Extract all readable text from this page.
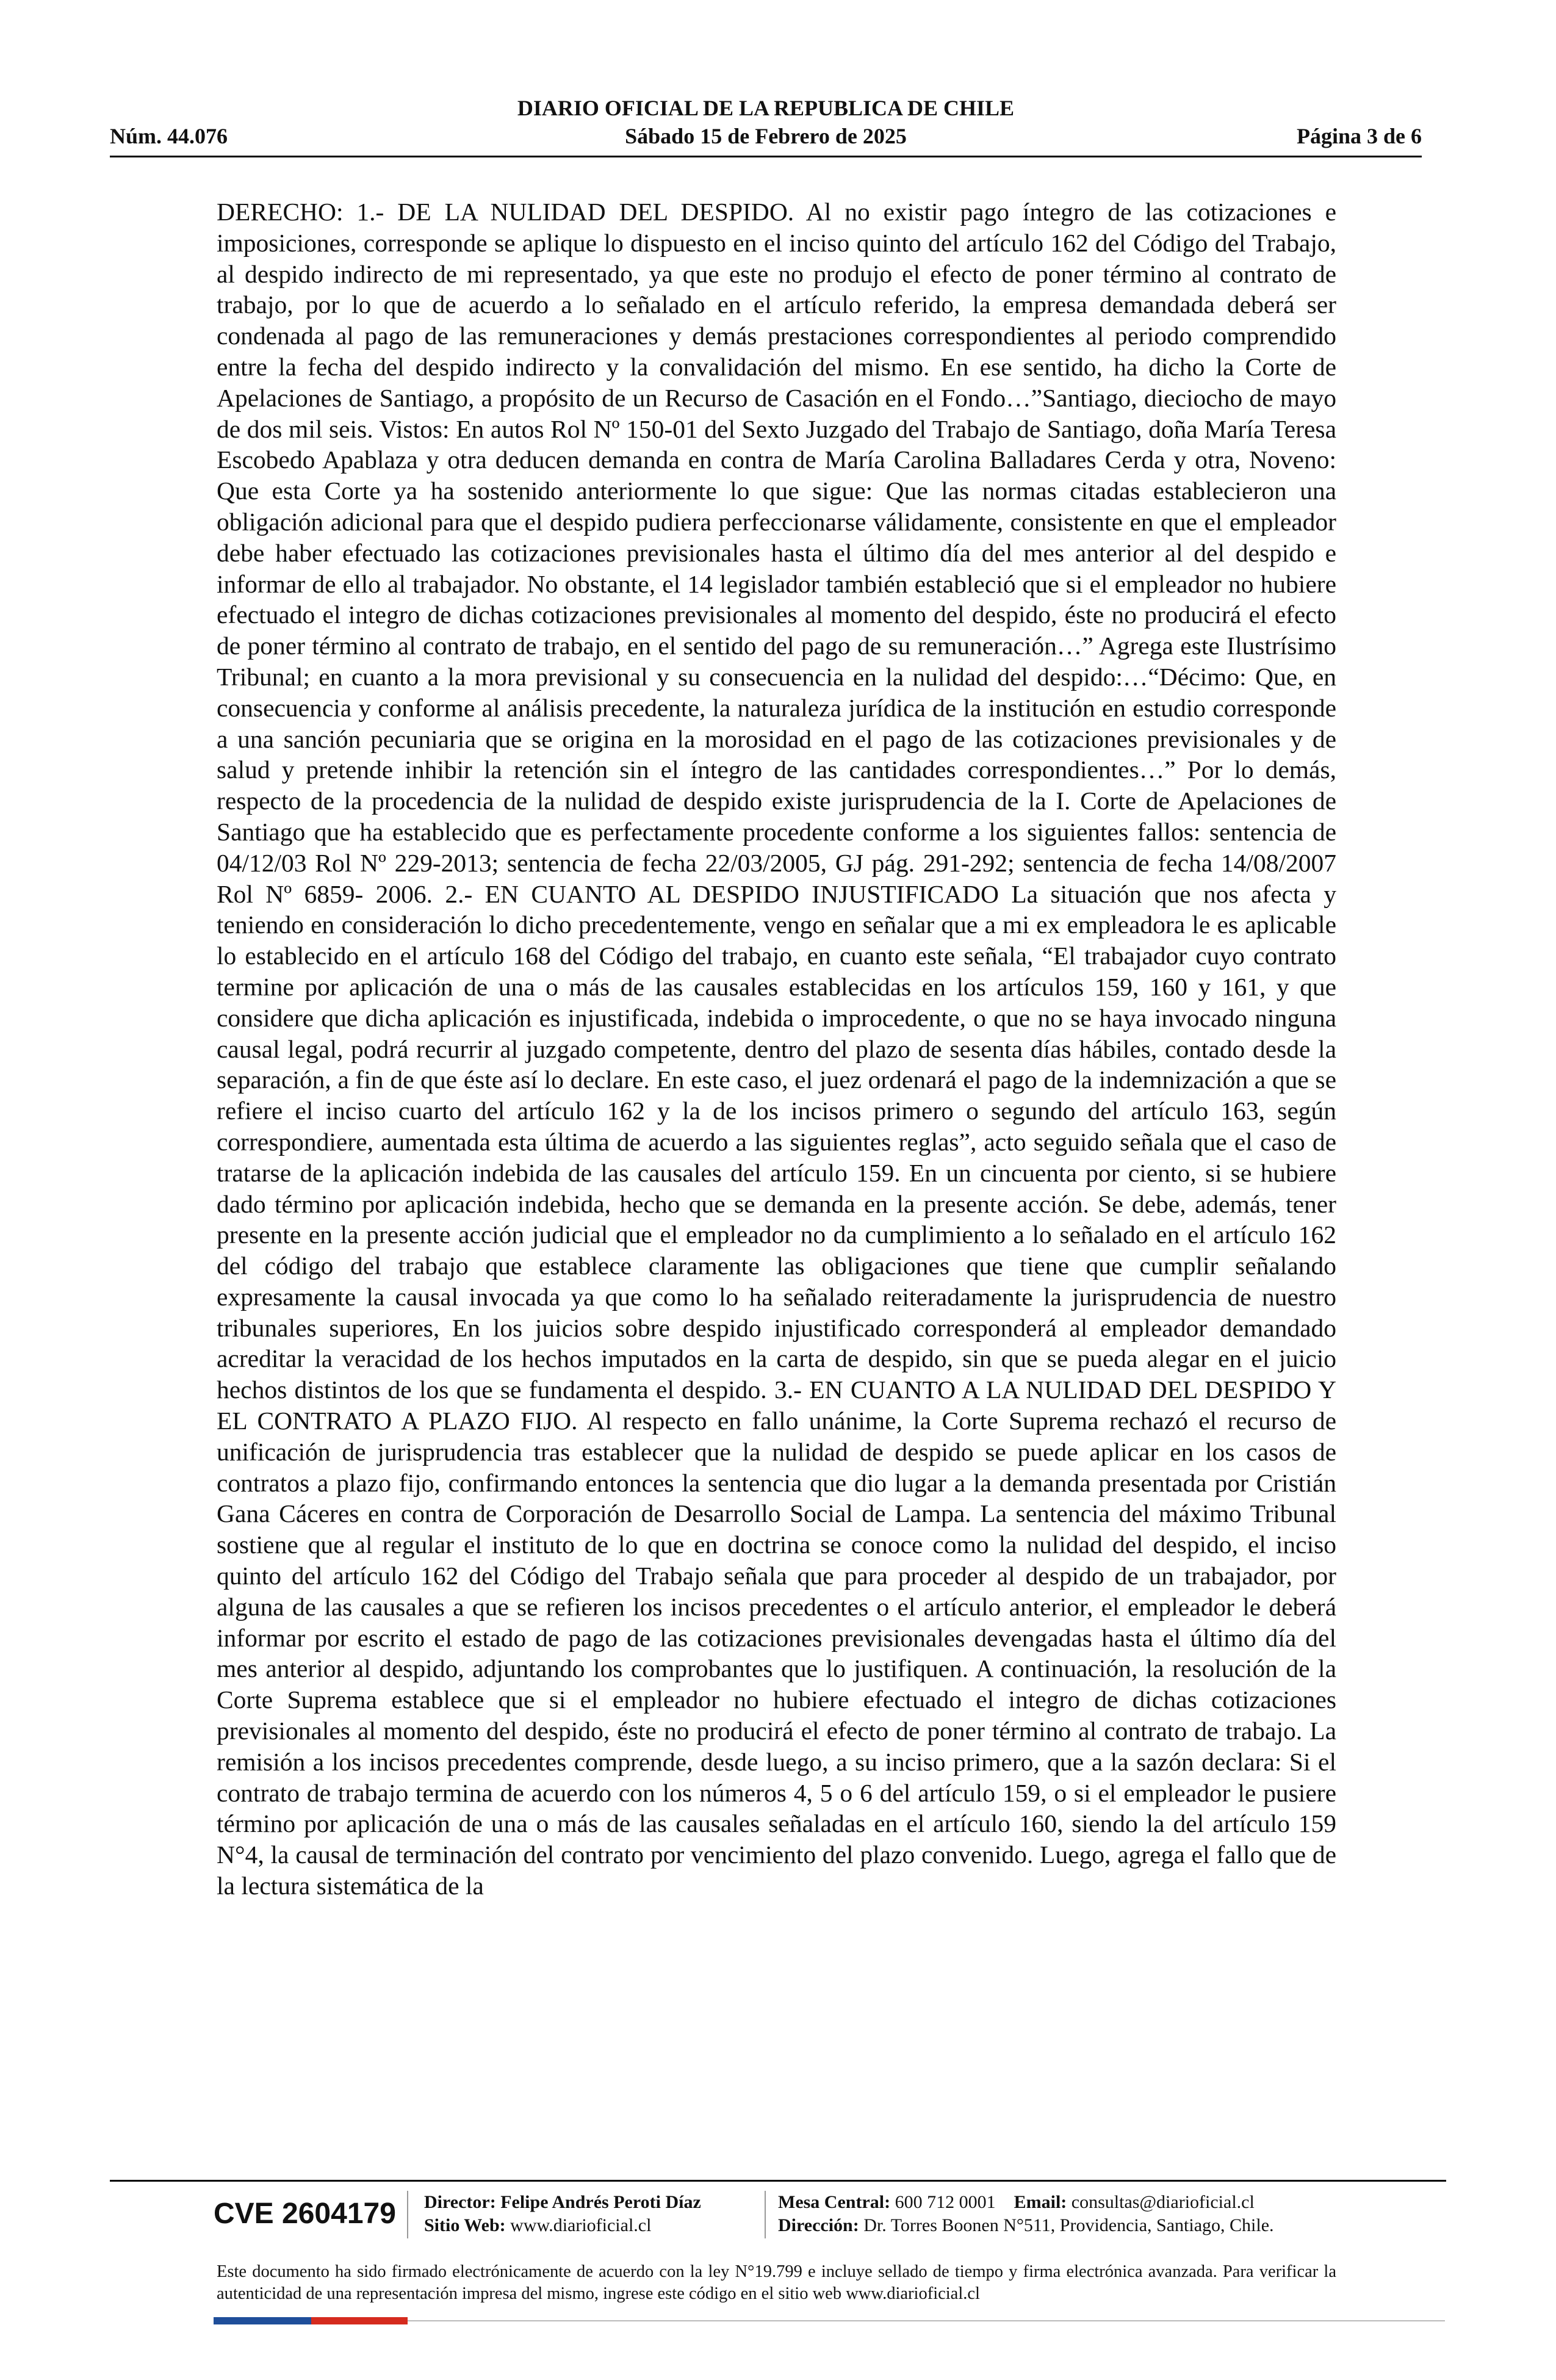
DIARIO OFICIAL DE LA REPUBLICA DE CHILE
Núm. 44.076	Sábado 15 de Febrero de 2025	Página 3 de 6
DERECHO: 1.- DE LA NULIDAD DEL DESPIDO. Al no existir pago íntegro de las cotizaciones e imposiciones, corresponde se aplique lo dispuesto en el inciso quinto del artículo 162 del Código del Trabajo, al despido indirecto de mi representado, ya que este no produjo el efecto de poner término al contrato de trabajo, por lo que de acuerdo a lo señalado en el artículo referido, la empresa demandada deberá ser condenada al pago de las remuneraciones y demás prestaciones correspondientes al periodo comprendido entre la fecha del despido indirecto y la convalidación del mismo. En ese sentido, ha dicho la Corte de Apelaciones de Santiago, a propósito de un Recurso de Casación en el Fondo…”Santiago, dieciocho de mayo de dos mil seis. Vistos: En autos Rol Nº 150-01 del Sexto Juzgado del Trabajo de Santiago, doña María Teresa Escobedo Apablaza y otra deducen demanda en contra de María Carolina Balladares Cerda y otra, Noveno: Que esta Corte ya ha sostenido anteriormente lo que sigue: Que las normas citadas establecieron una obligación adicional para que el despido pudiera perfeccionarse válidamente, consistente en que el empleador debe haber efectuado las cotizaciones previsionales hasta el último día del mes anterior al del despido e informar de ello al trabajador. No obstante, el 14 legislador también estableció que si el empleador no hubiere efectuado el integro de dichas cotizaciones previsionales al momento del despido, éste no producirá el efecto de poner término al contrato de trabajo, en el sentido del pago de su remuneración…” Agrega este Ilustrísimo Tribunal; en cuanto a la mora previsional y su consecuencia en la nulidad del despido:…“Décimo: Que, en consecuencia y conforme al análisis precedente, la naturaleza jurídica de la institución en estudio corresponde a una sanción pecuniaria que se origina en la morosidad en el pago de las cotizaciones previsionales y de salud y pretende inhibir la retención sin el íntegro de las cantidades correspondientes…” Por lo demás, respecto de la procedencia de la nulidad de despido existe jurisprudencia de la I. Corte de Apelaciones de Santiago que ha establecido que es perfectamente procedente conforme a los siguientes fallos: sentencia de 04/12/03 Rol Nº 229-2013; sentencia de fecha 22/03/2005, GJ pág. 291-292; sentencia de fecha 14/08/2007 Rol Nº 6859- 2006. 2.- EN CUANTO AL DESPIDO INJUSTIFICADO La situación que nos afecta y teniendo en consideración lo dicho precedentemente, vengo en señalar que a mi ex empleadora le es aplicable lo establecido en el artículo 168 del Código del trabajo, en cuanto este señala, “El trabajador cuyo contrato termine por aplicación de una o más de las causales establecidas en los artículos 159, 160 y 161, y que considere que dicha aplicación es injustificada, indebida o improcedente, o que no se haya invocado ninguna causal legal, podrá recurrir al juzgado competente, dentro del plazo de sesenta días hábiles, contado desde la separación, a fin de que éste así lo declare. En este caso, el juez ordenará el pago de la indemnización a que se refiere el inciso cuarto del artículo 162 y la de los incisos primero o segundo del artículo 163, según correspondiere, aumentada esta última de acuerdo a las siguientes reglas”, acto seguido señala que el caso de tratarse de la aplicación indebida de las causales del artículo 159. En un cincuenta por ciento, si se hubiere dado término por aplicación indebida, hecho que se demanda en la presente acción. Se debe, además, tener presente en la presente acción judicial que el empleador no da cumplimiento a lo señalado en el artículo 162 del código del trabajo que establece claramente las obligaciones que tiene que cumplir señalando expresamente la causal invocada ya que como lo ha señalado reiteradamente la jurisprudencia de nuestro tribunales superiores, En los juicios sobre despido injustificado corresponderá al empleador demandado acreditar la veracidad de los hechos imputados en la carta de despido, sin que se pueda alegar en el juicio hechos distintos de los que se fundamenta el despido. 3.- EN CUANTO A LA NULIDAD DEL DESPIDO Y EL CONTRATO A PLAZO FIJO. Al respecto en fallo unánime, la Corte Suprema rechazó el recurso de unificación de jurisprudencia tras establecer que la nulidad de despido se puede aplicar en los casos de contratos a plazo fijo, confirmando entonces la sentencia que dio lugar a la demanda presentada por Cristián Gana Cáceres en contra de Corporación de Desarrollo Social de Lampa. La sentencia del máximo Tribunal sostiene que al regular el instituto de lo que en doctrina se conoce como la nulidad del despido, el inciso quinto del artículo 162 del Código del Trabajo señala que para proceder al despido de un trabajador, por alguna de las causales a que se refieren los incisos precedentes o el artículo anterior, el empleador le deberá informar por escrito el estado de pago de las cotizaciones previsionales devengadas hasta el último día del mes anterior al despido, adjuntando los comprobantes que lo justifiquen. A continuación, la resolución de la Corte Suprema establece que si el empleador no hubiere efectuado el integro de dichas cotizaciones previsionales al momento del despido, éste no producirá el efecto de poner término al contrato de trabajo. La remisión a los incisos precedentes comprende, desde luego, a su inciso primero, que a la sazón declara: Si el contrato de trabajo termina de acuerdo con los números 4, 5 o 6 del artículo 159, o si el empleador le pusiere término por aplicación de una o más de las causales señaladas en el artículo 160, siendo la del artículo 159 N°4, la causal de terminación del contrato por vencimiento del plazo convenido. Luego, agrega el fallo que de la lectura sistemática de la
CVE 2604179 Director: Felipe Andrés Peroti Díaz
Sitio Web: www.diarioficial.cl
Mesa Central: 600 712 0001 Email: consultas@diarioficial.cl
Dirección: Dr. Torres Boonen N°511, Providencia, Santiago, Chile.
Este documento ha sido firmado electrónicamente de acuerdo con la ley N°19.799 e incluye sellado de tiempo y firma electrónica avanzada. Para verificar la autenticidad de una representación impresa del mismo, ingrese este código en el sitio web www.diarioficial.cl
